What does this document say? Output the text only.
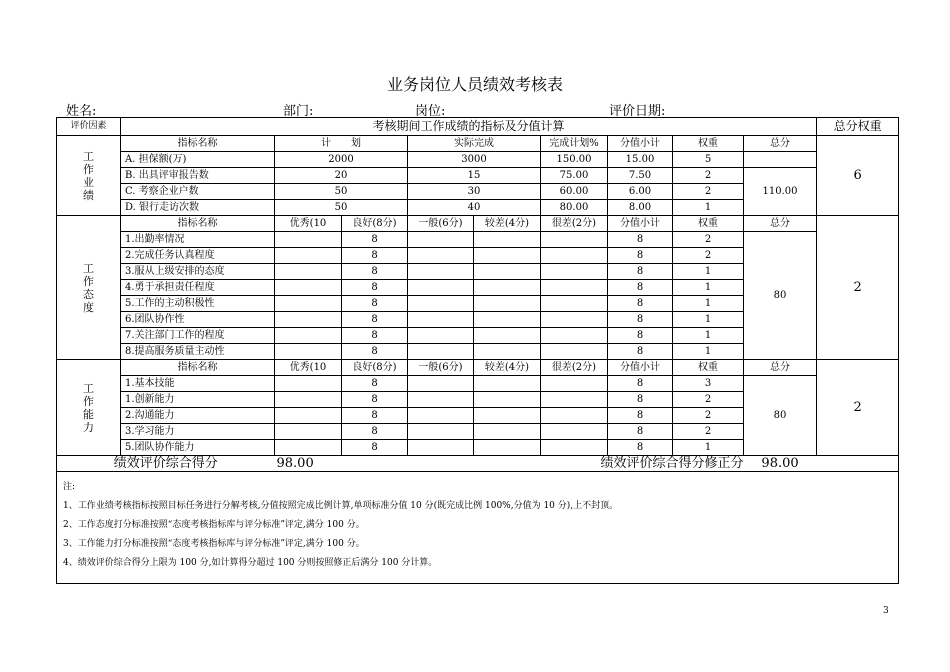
业务岗位人员绩效考核表
姓名:	部门:	岗位:	评价日期:
评价因素	考核期间工作成绩的指标及分值计算									总分权重

工
作
业
绩	指标名称	计　　划		实际完成		完成计划%	分值小计	权重	总分	6
	A. 担保额(万)	2000		3000		150.00	15.00	5		
	B. 出具评审报告数	20		15		75.00	7.50	2	110.00	
	C. 考察企业户数	50		30		60.00	6.00	2		
	D. 银行走访次数	50		40		80.00	8.00	1		

工
作
态
度	指标名称	优秀(10	良好(8分)	一般(6分)	较差(4分)	很差(2分)	分值小计	权重	总分	2
	1.出勤率情况		8				8	2	80	
	2.完成任务认真程度		8				8	2		
	3.服从上级安排的态度		8				8	1		
	4.勇于承担责任程度		8				8	1		
	5.工作的主动积极性		8				8	1		
	6.团队协作性		8				8	1		
	7.关注部门工作的程度		8				8	1		
	8.提高服务质量主动性		8				8	1		

工
作
能
力	指标名称	优秀(10	良好(8分)	一般(6分)	较差(4分)	很差(2分)	分值小计	权重	总分	2
	1.基本技能		8				8	3	80	
	1.创新能力		8				8	2		
	2.沟通能力		8				8	2		
	3.学习能力		8				8	2		
	5.团队协作能力		8				8	1		
绩效评价综合得分		98.00				绩效评价综合得分修正分			98.00	

注:
1、工作业绩考核指标按照目标任务进行分解考核,分值按照完成比例计算,单项标准分值 10 分(既完成比例 100%,分值为 10 分),上不封顶。
2、工作态度打分标准按照“态度考核指标库与评分标准”评定,满分 100 分。
3、工作能力打分标准按照“态度考核指标库与评分标准”评定,满分 100 分。
4、绩效评价综合得分上限为 100 分,如计算得分超过 100 分则按照修正后满分 100 分计算。										
3
